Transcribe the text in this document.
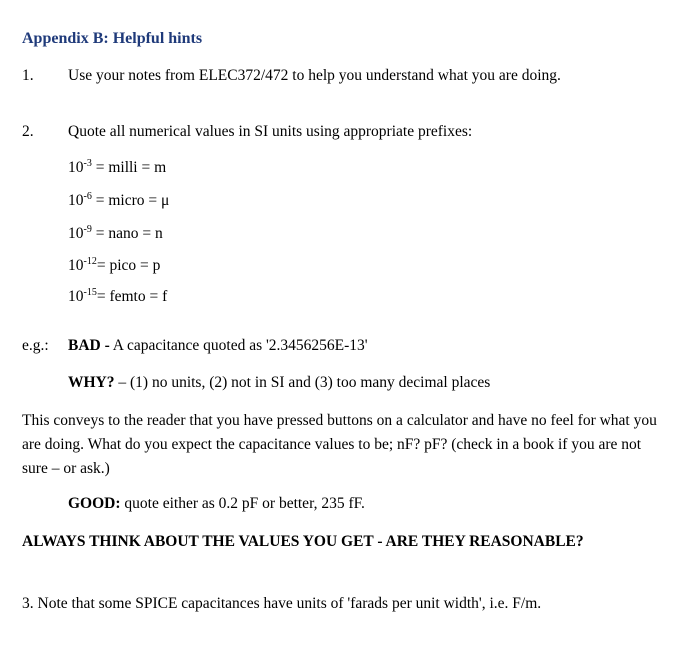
Appendix B: Helpful hints
1. Use your notes from ELEC372/472 to help you understand what you are doing.
2. Quote all numerical values in SI units using appropriate prefixes:
$10^{-3}$ = milli = m
$10^{-6}$ = micro = μ
$10^{-9}$ = nano = n
$10^{-12}=$ pico = p
$10^{-15}=$ femto = f
e.g.: BAD - A capacitance quoted as '2.3456256E-13'
WHY? – (1) no units, (2) not in SI and (3) too many decimal places
This conveys to the reader that you have pressed buttons on a calculator and have no feel for what you are doing. What do you expect the capacitance values to be; nF? pF? (check in a book if you are not sure – or ask.)
GOOD: quote either as 0.2 pF or better, 235 fF.
ALWAYS THINK ABOUT THE VALUES YOU GET - ARE THEY REASONABLE?
3. Note that some SPICE capacitances have units of 'farads per unit width', i.e. F/m.
